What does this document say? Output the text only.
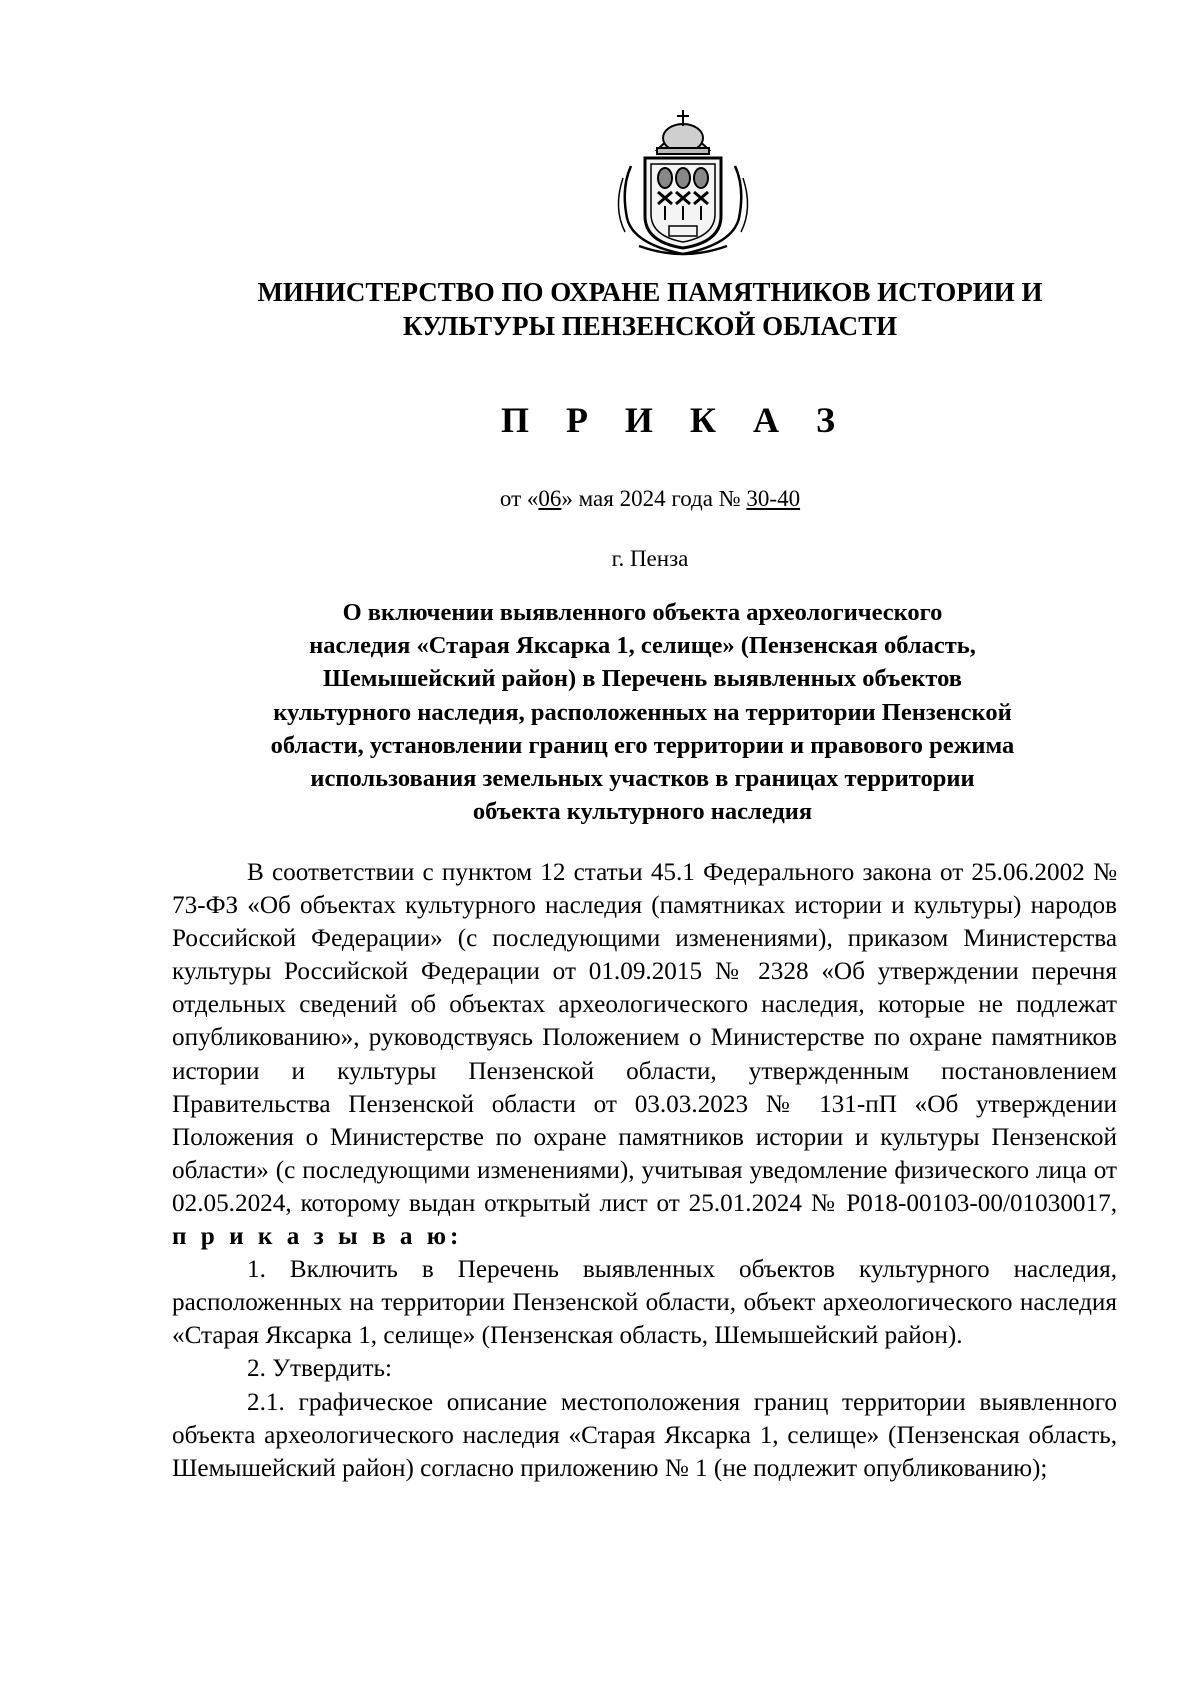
МИНИСТЕРСТВО ПО ОХРАНЕ ПАМЯТНИКОВ ИСТОРИИ И
КУЛЬТУРЫ ПЕНЗЕНСКОЙ ОБЛАСТИ
П Р И К А З
от «06» мая 2024 года № 30-40
г. Пенза
О включении выявленного объекта археологического
наследия «Старая Яксарка 1, селище» (Пензенская область,
Шемышейский район) в Перечень выявленных объектов
культурного наследия, расположенных на территории Пензенской
области, установлении границ его территории и правового режима
использования земельных участков в границах территории
объекта культурного наследия

В соответствии с пунктом 12 статьи 45.1 Федерального закона от 25.06.2002 № 73-ФЗ «Об объектах культурного наследия (памятниках истории и культуры) народов Российской Федерации» (с последующими изменениями), приказом Министерства культуры Российской Федерации от 01.09.2015 № 2328 «Об утверждении перечня отдельных сведений об объектах археологического наследия, которые не подлежат опубликованию», руководствуясь Положением о Министерстве по охране памятников истории и культуры Пензенской области, утвержденным постановлением Правительства Пензенской области от 03.03.2023 № 131-пП «Об утверждении Положения о Министерстве по охране памятников истории и культуры Пензенской области» (с последующими изменениями), учитывая уведомление физического лица от 02.05.2024, которому выдан открытый лист от 25.01.2024 № Р018-00103-00/01030017, п р и к а з ы в а ю:

1. Включить в Перечень выявленных объектов культурного наследия, расположенных на территории Пензенской области, объект археологического наследия «Старая Яксарка 1, селище» (Пензенская область, Шемышейский район).

2. Утвердить:

2.1. графическое описание местоположения границ территории выявленного объекта археологического наследия «Старая Яксарка 1, селище» (Пензенская область, Шемышейский район) согласно приложению № 1 (не подлежит опубликованию);
